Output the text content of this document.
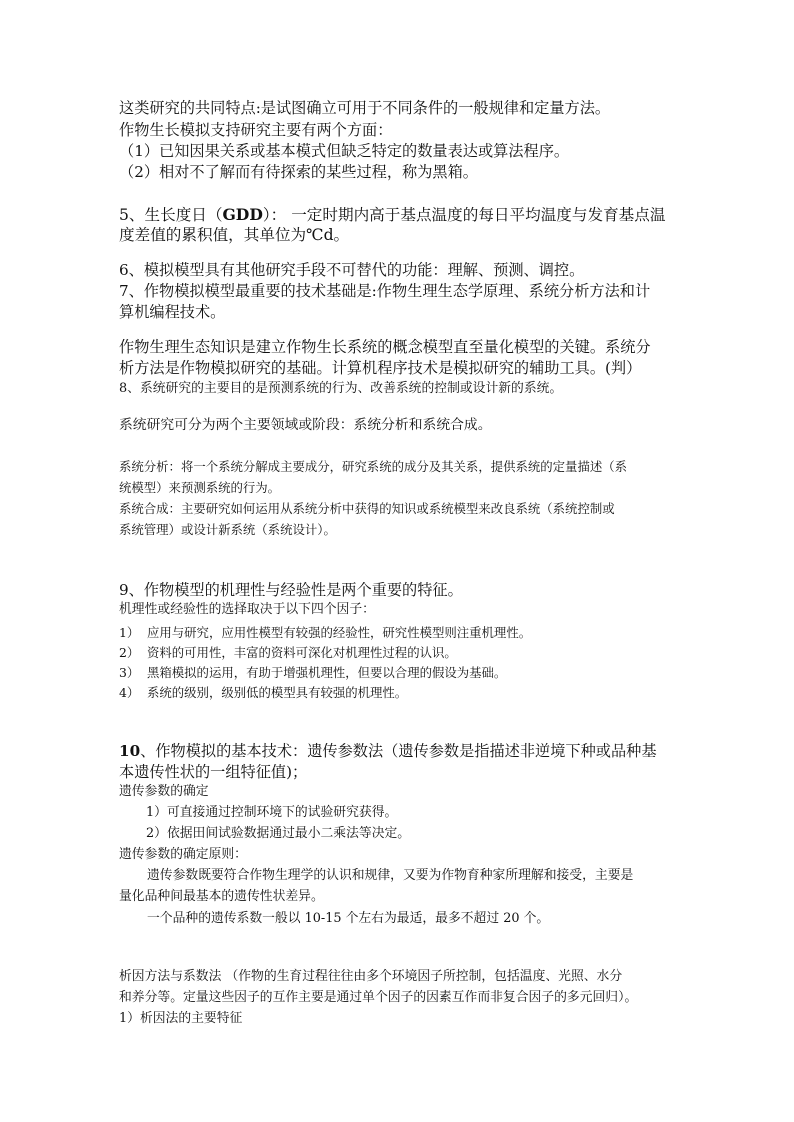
这类研究的共同特点:是试图确立可用于不同条件的一般规律和定量方法。
作物生长模拟支持研究主要有两个方面：
（1）已知因果关系或基本模式但缺乏特定的数量表达或算法程序。
（2）相对不了解而有待探索的某些过程，称为黑箱。
5、生长度日（GDD）： 一定时期内高于基点温度的每日平均温度与发育基点温
度差值的累积值，其单位为℃d。
6、模拟模型具有其他研究手段不可替代的功能：理解、预测、调控。
7、作物模拟模型最重要的技术基础是:作物生理生态学原理、系统分析方法和计
算机编程技术。
作物生理生态知识是建立作物生长系统的概念模型直至量化模型的关键。系统分
析方法是作物模拟研究的基础。计算机程序技术是模拟研究的辅助工具。(判）
8、系统研究的主要目的是预测系统的行为、改善系统的控制或设计新的系统。
系统研究可分为两个主要领域或阶段：系统分析和系统合成。
系统分析：将一个系统分解成主要成分，研究系统的成分及其关系，提供系统的定量描述（系
统模型）来预测系统的行为。
系统合成：主要研究如何运用从系统分析中获得的知识或系统模型来改良系统（系统控制或
系统管理）或设计新系统（系统设计）。
9、作物模型的机理性与经验性是两个重要的特征。
机理性或经验性的选择取决于以下四个因子：
1） 应用与研究，应用性模型有较强的经验性，研究性模型则注重机理性。
2） 资料的可用性，丰富的资料可深化对机理性过程的认识。
3） 黑箱模拟的运用，有助于增强机理性，但要以合理的假设为基础。
4） 系统的级别，级别低的模型具有较强的机理性。
10、作物模拟的基本技术：遗传参数法（遗传参数是指描述非逆境下种或品种基
本遗传性状的一组特征值)；
遗传参数的确定
1）可直接通过控制环境下的试验研究获得。
2）依据田间试验数据通过最小二乘法等决定。
遗传参数的确定原则：
遗传参数既要符合作物生理学的认识和规律，又要为作物育种家所理解和接受，主要是
量化品种间最基本的遗传性状差异。
一个品种的遗传系数一般以 10-15 个左右为最适，最多不超过 20 个。
析因方法与系数法 （作物的生育过程往往由多个环境因子所控制，包括温度、光照、水分
和养分等。定量这些因子的互作主要是通过单个因子的因素互作而非复合因子的多元回归）。
1）析因法的主要特征
